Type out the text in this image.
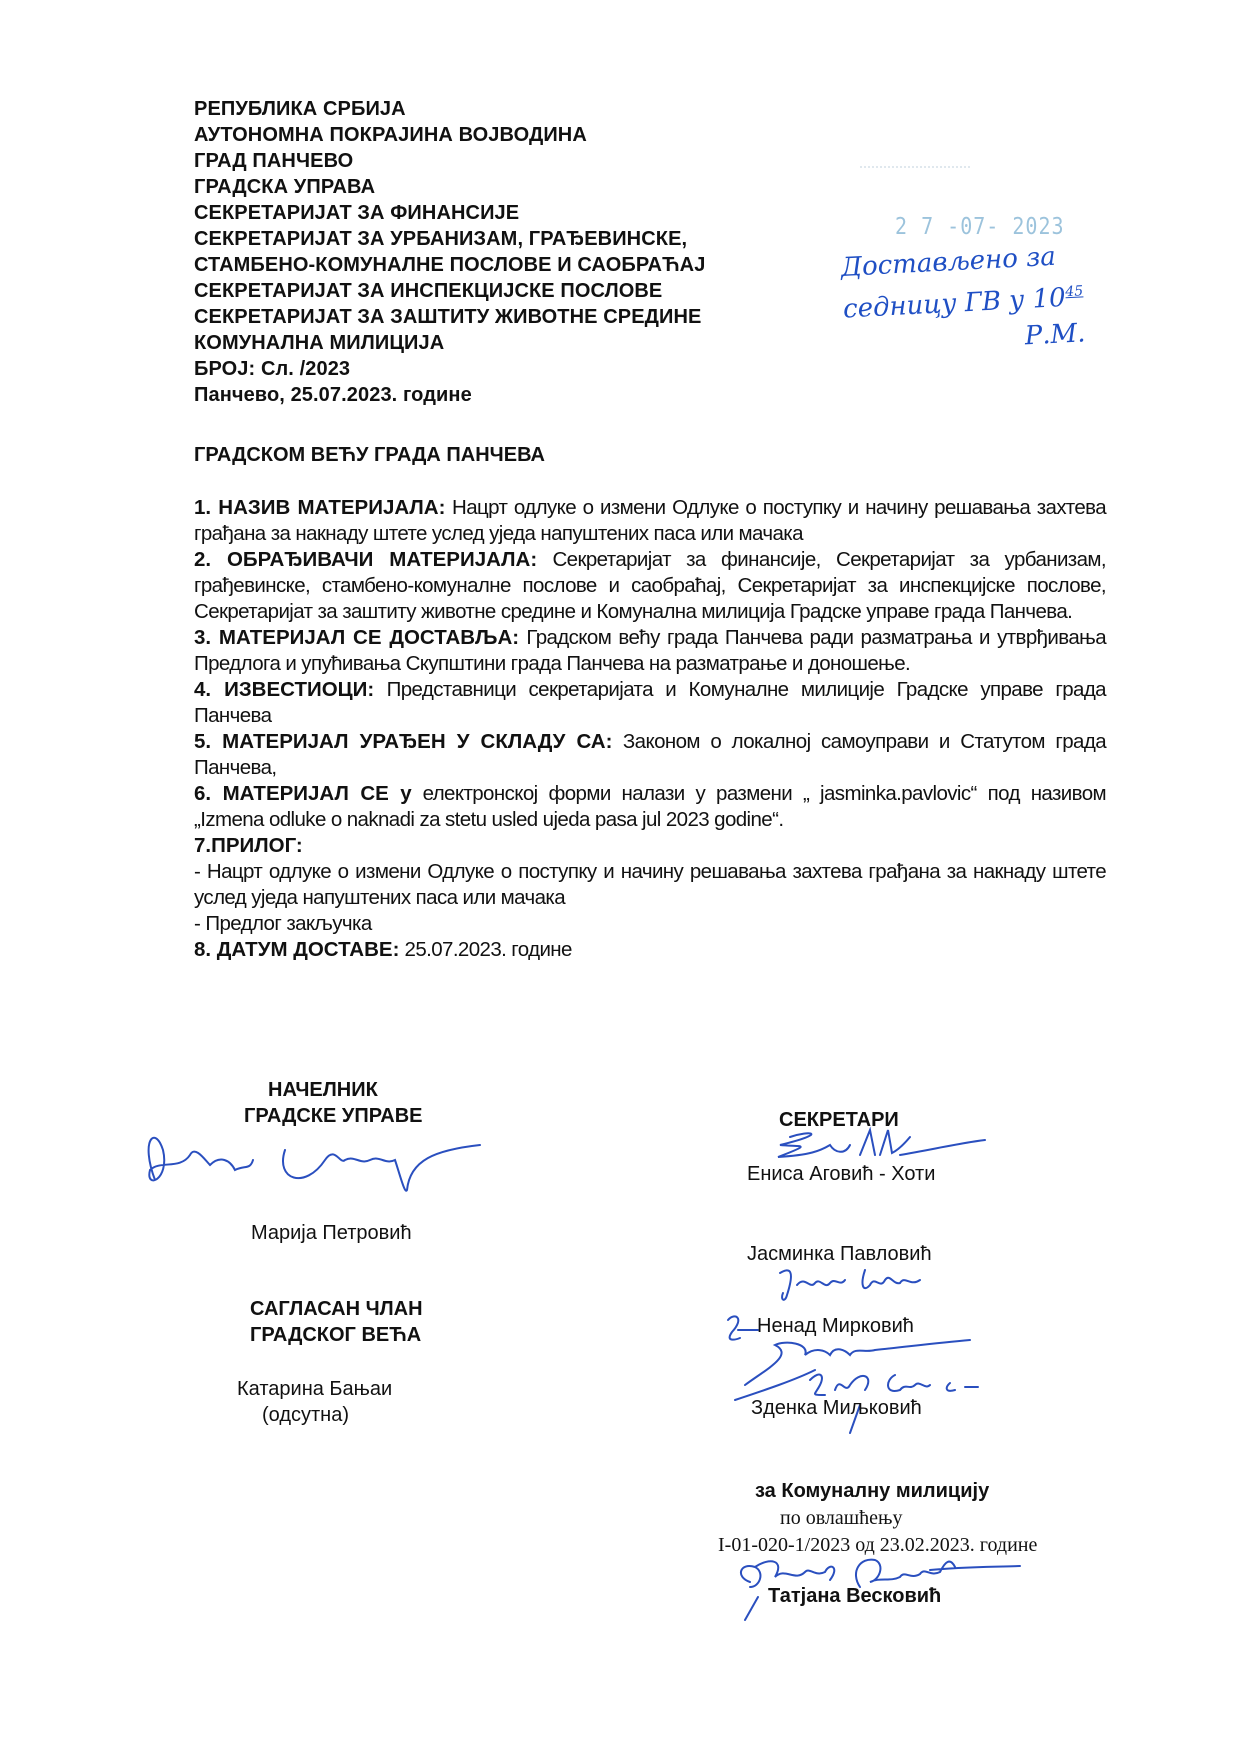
РЕПУБЛИКА СРБИЈА
АУТОНОМНА ПОКРАЈИНА ВОЈВОДИНА
ГРАД ПАНЧЕВО
ГРАДСКА УПРАВА
СЕКРЕТАРИЈАТ ЗА ФИНАНСИЈЕ
СЕКРЕТАРИЈАТ ЗА УРБАНИЗАМ, ГРАЂЕВИНСКЕ,
СТАМБЕНО-КОМУНАЛНЕ ПОСЛОВЕ И САОБРАЋАЈ
СЕКРЕТАРИЈАТ ЗА ИНСПЕКЦИЈСКЕ ПОСЛОВЕ
СЕКРЕТАРИЈАТ ЗА ЗАШТИТУ ЖИВОТНЕ СРЕДИНЕ
КОМУНАЛНА МИЛИЦИЈА
БРОЈ: Сл. /2023
Панчево, 25.07.2023. године
2 7 -07- 2023
Достављено за
седницу ГВ у $10^{45}$
Р.М.
ГРАДСКОМ ВЕЋУ ГРАДА ПАНЧЕВА

1. НАЗИВ МАТЕРИЈАЛА: Нацрт одлуке о измени Одлуке о поступку и начину решавања захтева грађана за накнаду штете услед уједа напуштених паса или мачака

2. ОБРАЂИВАЧИ МАТЕРИЈАЛА: Секретаријат за финансије, Секретаријат за урбанизам, грађевинске, стамбено-комуналне послове и саобраћај, Секретаријат за инспекцијске послове, Секретаријат за заштиту животне средине и Комунална милиција Градске управе града Панчева.

3. МАТЕРИЈАЛ СЕ ДОСТАВЉА: Градском већу града Панчева ради разматрања и утврђивања Предлога и упућивања Скупштини града Панчева на разматрање и доношење.

4. ИЗВЕСТИОЦИ: Представници секретаријата и Комуналне милиције Градске управе града Панчева

5. МАТЕРИЈАЛ УРАЂЕН У СКЛАДУ СА: Законом о локалној самоуправи и Статутом града Панчева,

6. МАТЕРИЈАЛ СЕ у електронској форми налази у размени „ jasminka.pavlovic“ под називом „Izmena odluke o naknadi za stetu usled ujeda pasa jul 2023 godine“.

7.ПРИЛОГ:

- Нацрт одлуке о измени Одлуке о поступку и начину решавања захтева грађана за накнаду штете услед уједа напуштених паса или мачака

- Предлог закључка

8. ДАТУМ ДОСТАВЕ: 25.07.2023. године

НАЧЕЛНИК
ГРАДСКЕ УПРАВЕ
Марија Петровић
САГЛАСАН ЧЛАН
ГРАДСКОГ ВЕЋА
Катарина Бањаи
(одсутна)
СЕКРЕТАРИ
Ениса Аговић - Хоти
Јасминка Павловић
Ненад Мирковић
Зденка Миљковић
за Комуналну милицију
по овлашћењу
I-01-020-1/2023 од 23.02.2023. године
Татјана Весковић
